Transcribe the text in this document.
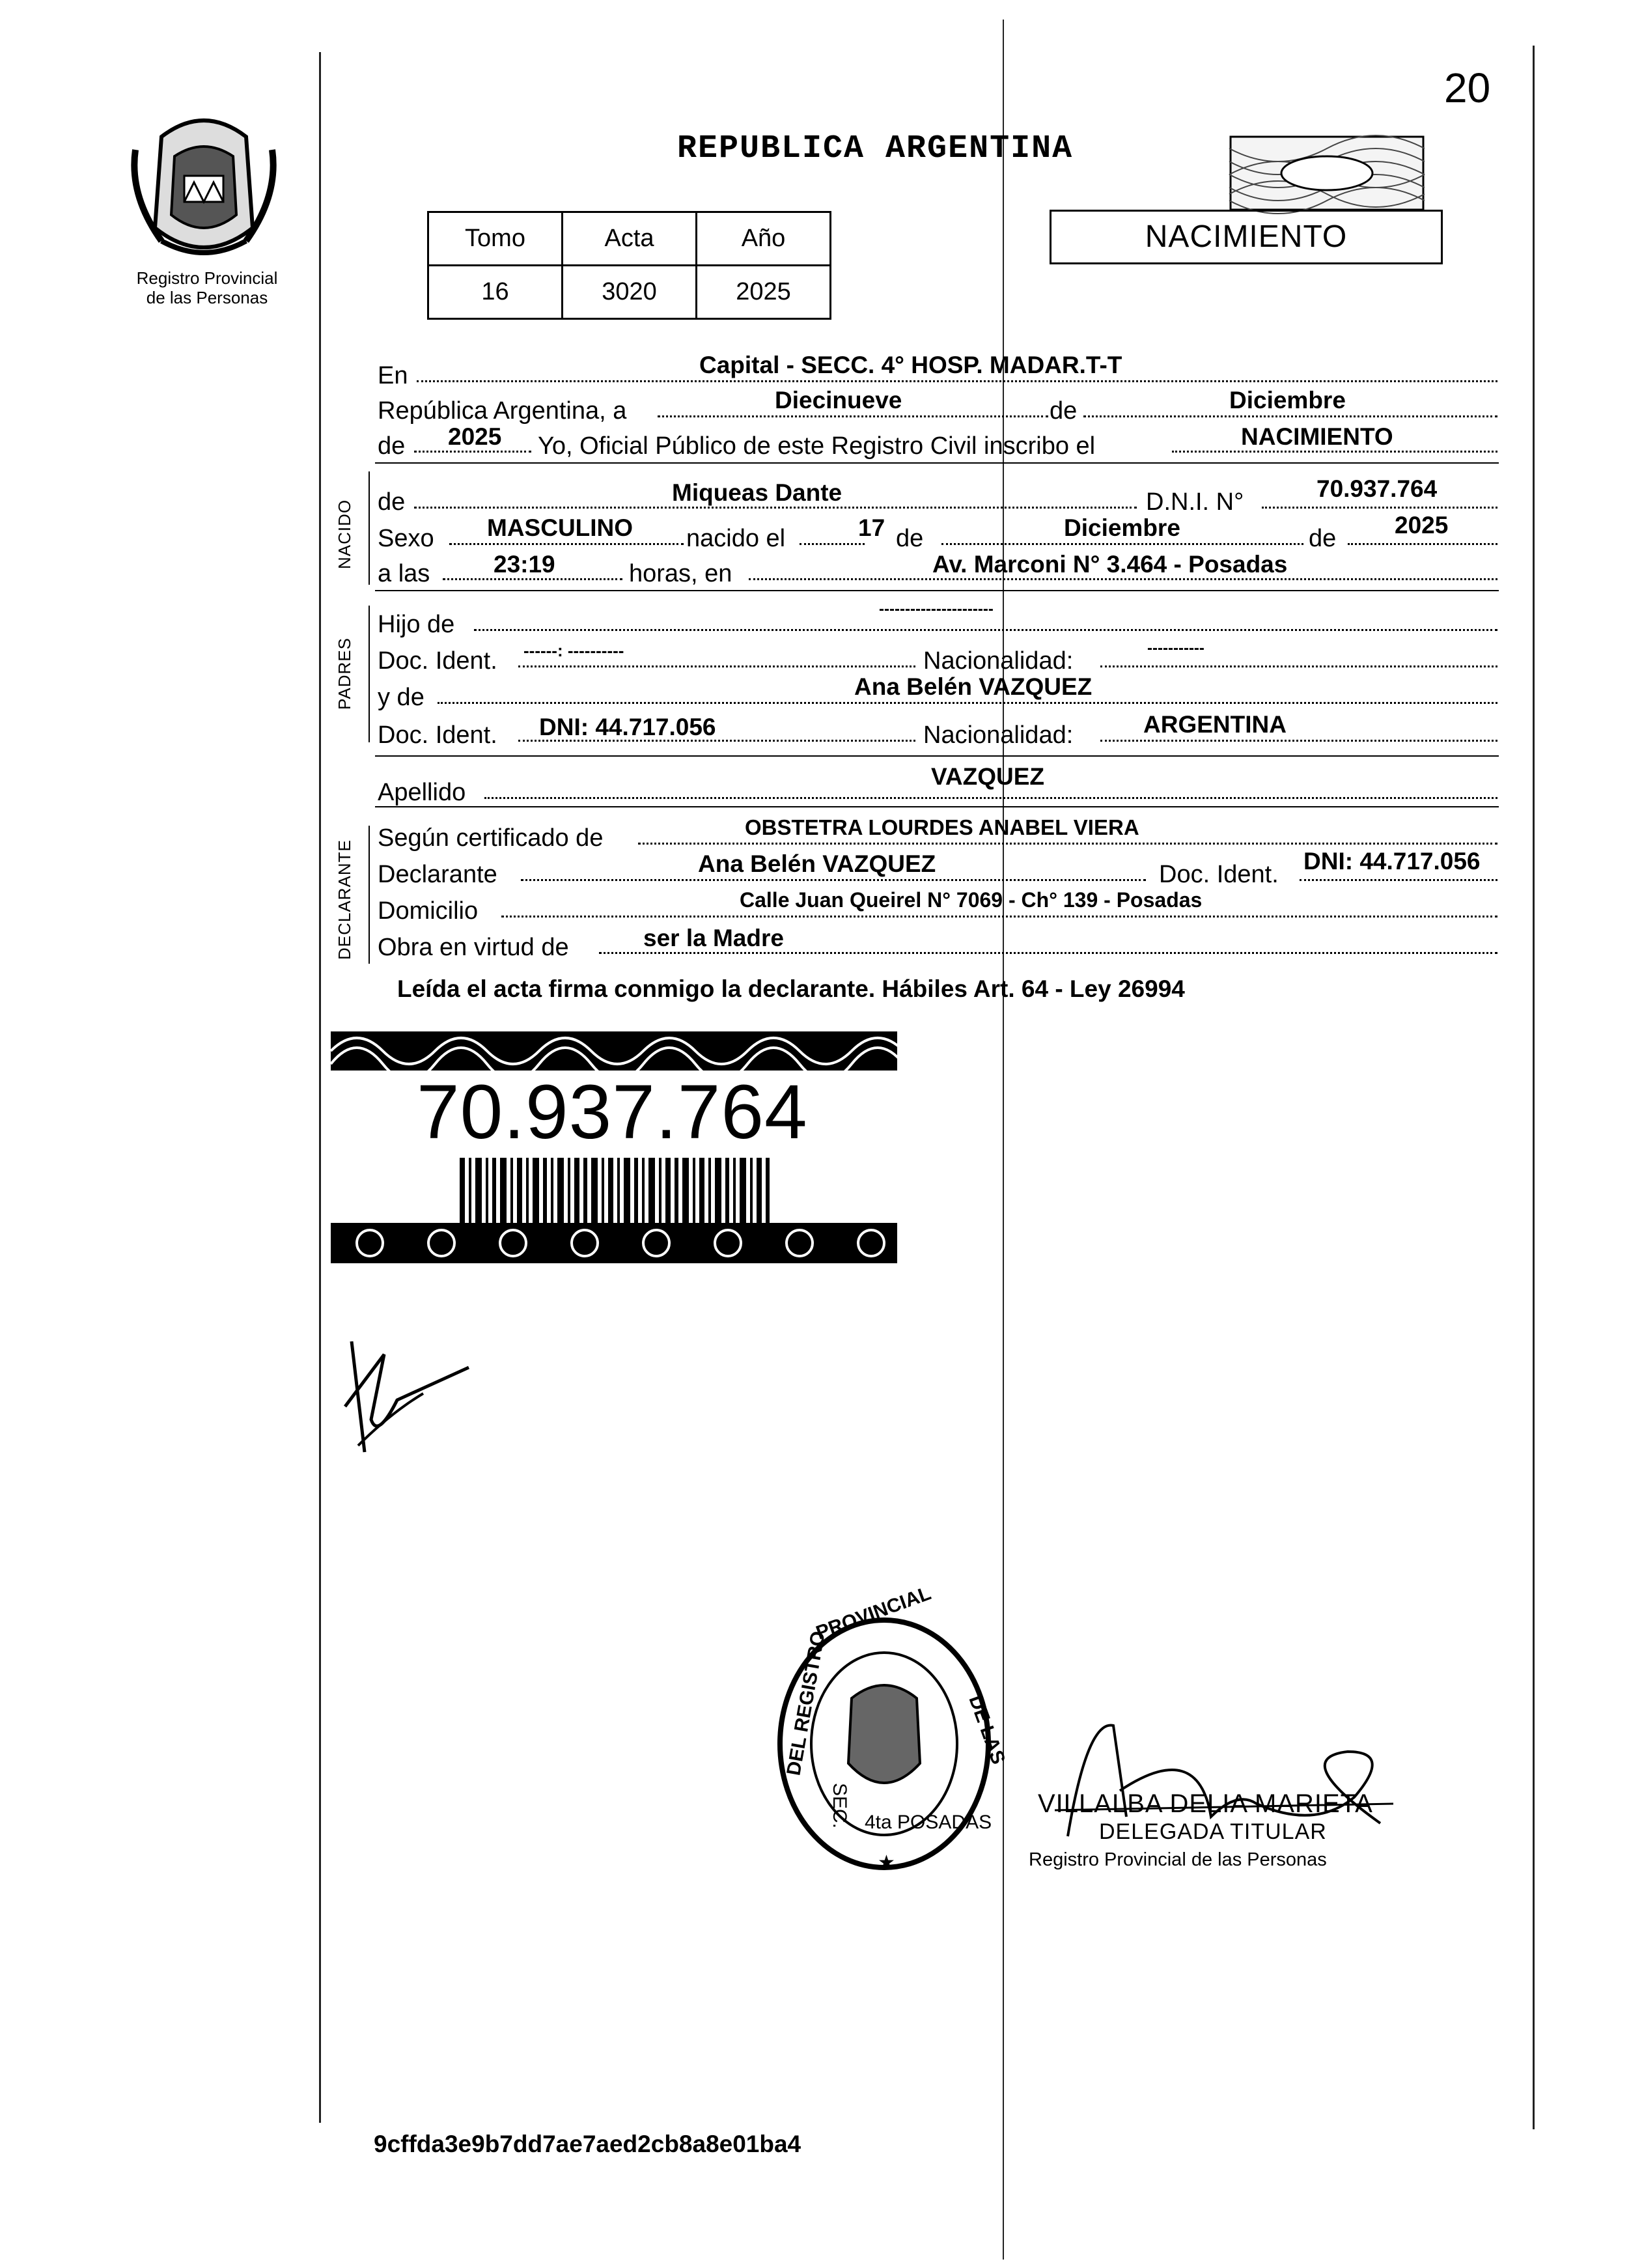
20
Registro Provincial
de las Personas
REPUBLICA ARGENTINA
Tomo	Acta	Año
16	3020	2025
NACIMIENTO
En	Capital - SECC. 4° HOSP. MADAR.T-T
República Argentina, a	Diecinueve	de	Diciembre
de 2025 Yo, Oficial Público de este Registro Civil inscribo el	NACIMIENTO
NACIDO de	Miqueas Dante	D.N.I. N°	70.937.764
Sexo MASCULINO nacido el	17 de	Diciembre	de 2025
a las	23:19	horas, en	Av. Marconi N° 3.464 - Posadas
PADRES
Hijo de
----------------------
Doc. Ident. ------: ----------	Nacionalidad:	-----------
y de	Ana Belén VAZQUEZ
Doc. Ident. DNI: 44.717.056	Nacionalidad:	ARGENTINA
Apellido
VAZQUEZ
DECLARANTE
Según certificado de	OBSTETRA LOURDES ANABEL VIERA
Declarante	Ana Belén VAZQUEZ	Doc. Ident. DNI: 44.717.056
Domicilio	Calle Juan Queirel N° 7069 - Ch° 139 - Posadas
Obra en virtud de	ser la Madre
Leída el acta firma conmigo la declarante. Hábiles Art. 64 - Ley 26994
70.937.764
PROVINCIAL
DEL REGISTRO	DE LAS
SEC. 4ta POSADAS
★
VILLALBA DELIA MARIETA
DELEGADA TITULAR
Registro Provincial de las Personas
9cffda3e9b7dd7ae7aed2cb8a8e01ba4
